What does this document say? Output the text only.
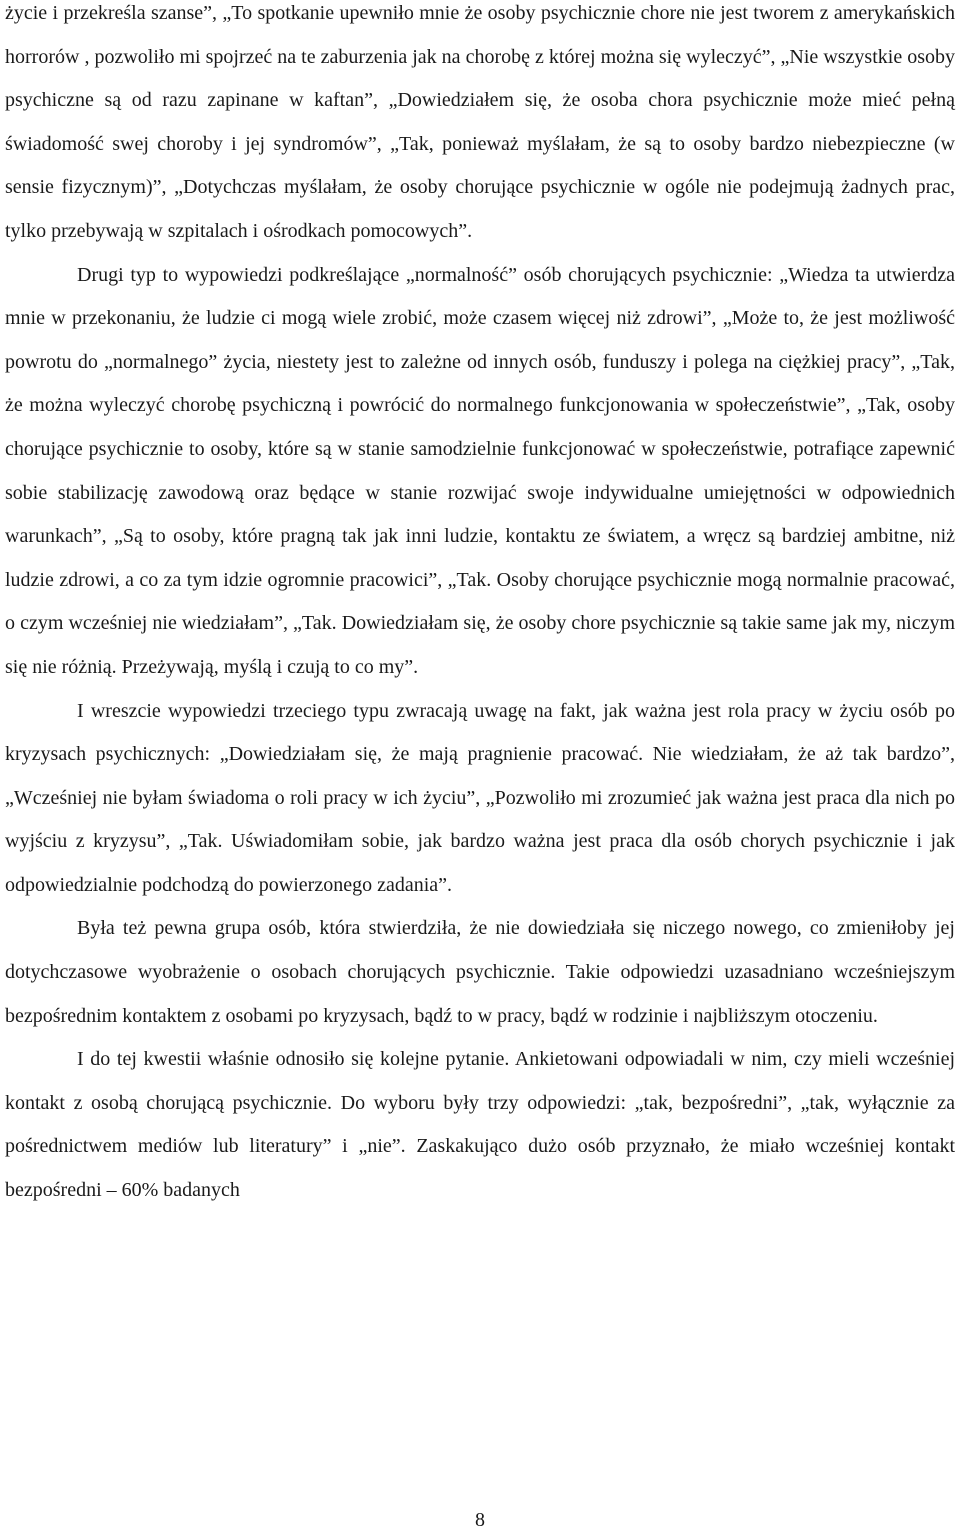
życie i przekreśla szanse”, „To spotkanie upewniło mnie że osoby psychicznie chore nie jest tworem z amerykańskich horrorów , pozwoliło mi spojrzeć na te zaburzenia jak na chorobę z której można się wyleczyć”, „Nie wszystkie osoby psychiczne są od razu zapinane w kaftan”, „Dowiedziałem się, że osoba chora psychicznie może mieć pełną świadomość swej choroby i jej syndromów”, „Tak, ponieważ myślałam, że są to osoby bardzo niebezpieczne (w sensie fizycznym)”, „Dotychczas myślałam, że osoby chorujące psychicznie w ogóle nie podejmują żadnych prac, tylko przebywają w szpitalach i ośrodkach pomocowych”.

Drugi typ to wypowiedzi podkreślające „normalność” osób chorujących psychicznie: „Wiedza ta utwierdza mnie w przekonaniu, że ludzie ci mogą wiele zrobić, może czasem więcej niż zdrowi”, „Może to, że jest możliwość powrotu do „normalnego” życia, niestety jest to zależne od innych osób, funduszy i polega na ciężkiej pracy”, „Tak, że można wyleczyć chorobę psychiczną i powrócić do normalnego funkcjonowania w społeczeństwie”, „Tak, osoby chorujące psychicznie to osoby, które są w stanie samodzielnie funkcjonować w społeczeństwie, potrafiące zapewnić sobie stabilizację zawodową oraz będące w stanie rozwijać swoje indywidualne umiejętności w odpowiednich warunkach”, „Są to osoby, które pragną tak jak inni ludzie, kontaktu ze światem, a wręcz są bardziej ambitne, niż ludzie zdrowi, a co za tym idzie ogromnie pracowici”, „Tak. Osoby chorujące psychicznie mogą normalnie pracować, o czym wcześniej nie wiedziałam”, „Tak. Dowiedziałam się, że osoby chore psychicznie są takie same jak my, niczym się nie różnią. Przeżywają, myślą i czują to co my”.

I wreszcie wypowiedzi trzeciego typu zwracają uwagę na fakt, jak ważna jest rola pracy w życiu osób po kryzysach psychicznych: „Dowiedziałam się, że mają pragnienie pracować. Nie wiedziałam, że aż tak bardzo”, „Wcześniej nie byłam świadoma o roli pracy w ich życiu”, „Pozwoliło mi zrozumieć jak ważna jest praca dla nich po wyjściu z kryzysu”, „Tak. Uświadomiłam sobie, jak bardzo ważna jest praca dla osób chorych psychicznie i jak odpowiedzialnie podchodzą do powierzonego zadania”.

Była też pewna grupa osób, która stwierdziła, że nie dowiedziała się niczego nowego, co zmieniłoby jej dotychczasowe wyobrażenie o osobach chorujących psychicznie. Takie odpowiedzi uzasadniano wcześniejszym bezpośrednim kontaktem z osobami po kryzysach, bądź to w pracy, bądź w rodzinie i najbliższym otoczeniu.

I do tej kwestii właśnie odnosiło się kolejne pytanie. Ankietowani odpowiadali w nim, czy mieli wcześniej kontakt z osobą chorującą psychicznie. Do wyboru były trzy odpowiedzi: „tak, bezpośredni”, „tak, wyłącznie za pośrednictwem mediów lub literatury” i „nie”. Zaskakująco dużo osób przyznało, że miało wcześniej kontakt bezpośredni – 60% badanych

8
